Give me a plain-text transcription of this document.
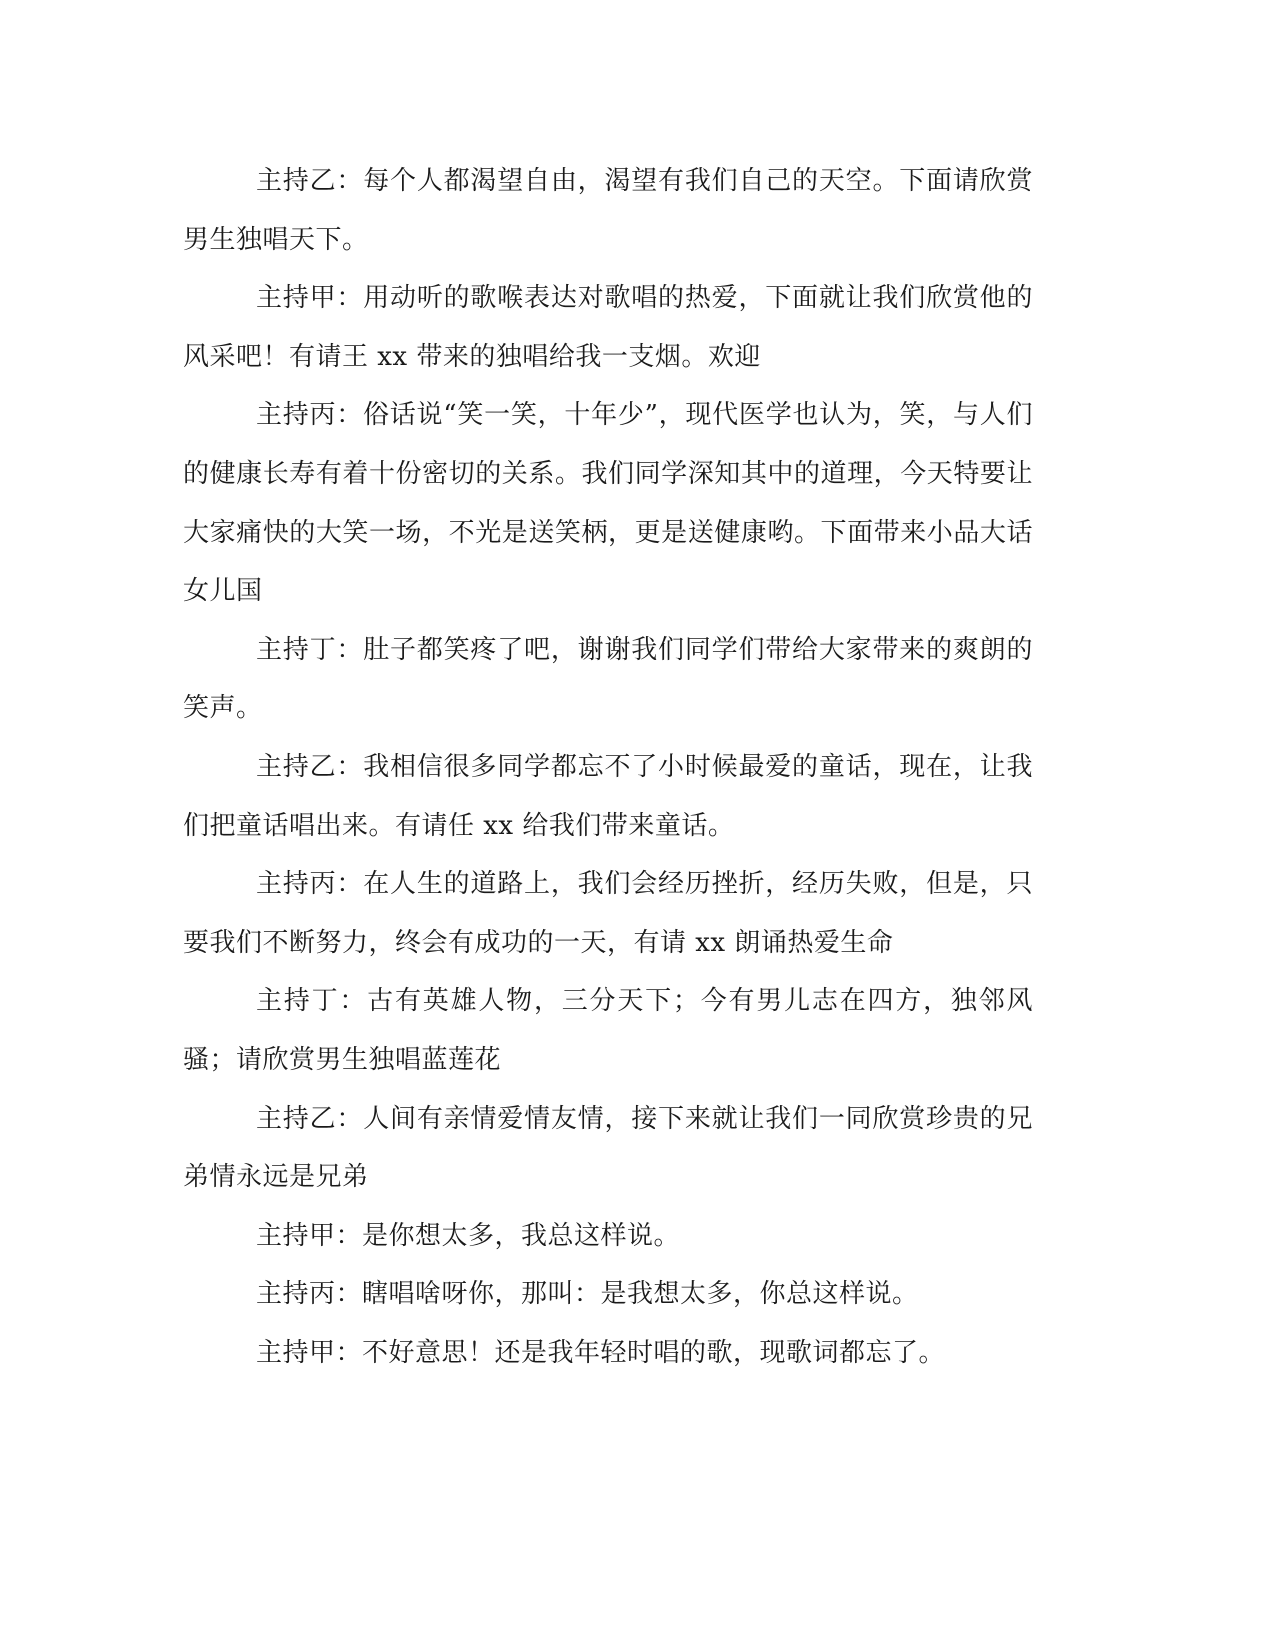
主持乙：每个人都渴望自由，渴望有我们自己的天空。下面请欣赏男生独唱天下。

主持甲：用动听的歌喉表达对歌唱的热爱，下面就让我们欣赏他的风采吧！有请王 xx 带来的独唱给我一支烟。欢迎

主持丙：俗话说“笑一笑，十年少”，现代医学也认为，笑，与人们的健康长寿有着十份密切的关系。我们同学深知其中的道理，今天特要让大家痛快的大笑一场，不光是送笑柄，更是送健康哟。下面带来小品大话女儿国

主持丁：肚子都笑疼了吧，谢谢我们同学们带给大家带来的爽朗的笑声。

主持乙：我相信很多同学都忘不了小时候最爱的童话，现在，让我们把童话唱出来。有请任 xx 给我们带来童话。

主持丙：在人生的道路上，我们会经历挫折，经历失败，但是，只要我们不断努力，终会有成功的一天，有请 xx 朗诵热爱生命

主持丁：古有英雄人物，三分天下；今有男儿志在四方，独邻风骚；请欣赏男生独唱蓝莲花

主持乙：人间有亲情爱情友情，接下来就让我们一同欣赏珍贵的兄弟情永远是兄弟

主持甲：是你想太多，我总这样说。

主持丙：瞎唱啥呀你，那叫：是我想太多，你总这样说。

主持甲：不好意思！还是我年轻时唱的歌，现歌词都忘了。
